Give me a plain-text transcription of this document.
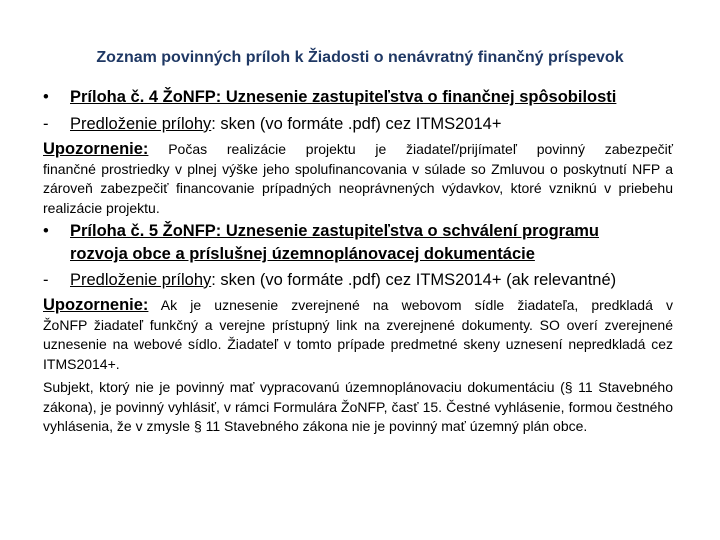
Zoznam povinných príloh k Žiadosti o nenávratný finančný príspevok
•	Príloha č. 4 ŽoNFP: Uznesenie zastupiteľstva o finančnej spôsobilosti
-	Predloženie prílohy: sken (vo formáte .pdf) cez ITMS2014+
Upozornenie: Počas realizácie projektu je žiadateľ/prijímateľ povinný zabezpečiť
finančné prostriedky v plnej výške jeho spolufinancovania v súlade so Zmluvou o poskytnutí NFP a zároveň zabezpečiť financovanie prípadných neoprávnených výdavkov, ktoré vzniknú v priebehu realizácie projektu.
•	Príloha č. 5 ŽoNFP: Uznesenie zastupiteľstva o schválení programu
rozvoja obce a príslušnej územnoplánovacej dokumentácie
-	Predloženie prílohy: sken (vo formáte .pdf) cez ITMS2014+ (ak relevantné)
Upozornenie: Ak je uznesenie zverejnené na webovom sídle žiadateľa, predkladá v
ŽoNFP žiadateľ funkčný a verejne prístupný link na zverejnené dokumenty. SO overí zverejnené uznesenie na webové sídlo. Žiadateľ v tomto prípade predmetné skeny uznesení nepredkladá cez ITMS2014+.
Subjekt, ktorý nie je povinný mať vypracovanú územnoplánovaciu dokumentáciu (§ 11 Stavebného zákona), je povinný vyhlásiť, v rámci Formulára ŽoNFP, časť 15. Čestné vyhlásenie, formou čestného vyhlásenia, že v zmysle § 11 Stavebného zákona nie je povinný mať územný plán obce.
